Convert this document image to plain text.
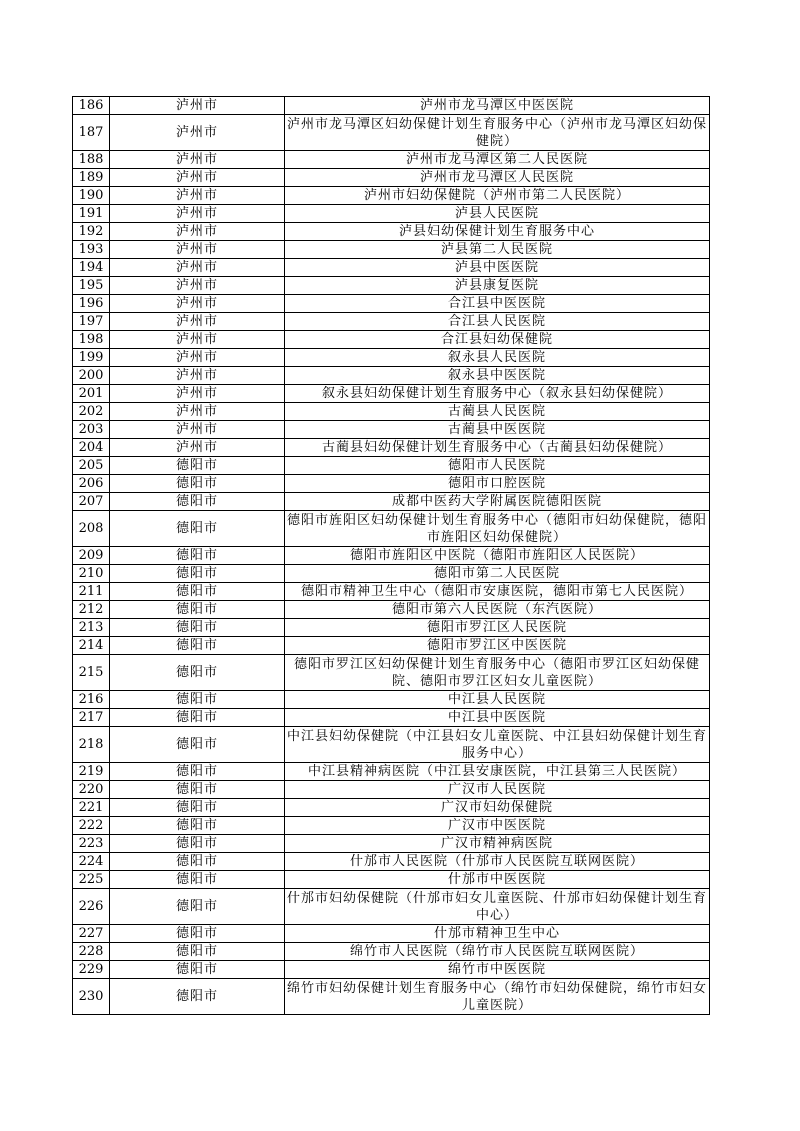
186	泸州市	泸州市龙马潭区中医医院
187	泸州市	泸州市龙马潭区妇幼保健计划生育服务中心（泸州市龙马潭区妇幼保健院）
188	泸州市	泸州市龙马潭区第二人民医院
189	泸州市	泸州市龙马潭区人民医院
190	泸州市	泸州市妇幼保健院（泸州市第二人民医院）
191	泸州市	泸县人民医院
192	泸州市	泸县妇幼保健计划生育服务中心
193	泸州市	泸县第二人民医院
194	泸州市	泸县中医医院
195	泸州市	泸县康复医院
196	泸州市	合江县中医医院
197	泸州市	合江县人民医院
198	泸州市	合江县妇幼保健院
199	泸州市	叙永县人民医院
200	泸州市	叙永县中医医院
201	泸州市	叙永县妇幼保健计划生育服务中心（叙永县妇幼保健院）
202	泸州市	古蔺县人民医院
203	泸州市	古蔺县中医医院
204	泸州市	古蔺县妇幼保健计划生育服务中心（古蔺县妇幼保健院）
205	德阳市	德阳市人民医院
206	德阳市	德阳市口腔医院
207	德阳市	成都中医药大学附属医院德阳医院
208	德阳市	德阳市旌阳区妇幼保健计划生育服务中心（德阳市妇幼保健院，德阳市旌阳区妇幼保健院）
209	德阳市	德阳市旌阳区中医院（德阳市旌阳区人民医院）
210	德阳市	德阳市第二人民医院
211	德阳市	德阳市精神卫生中心（德阳市安康医院，德阳市第七人民医院）
212	德阳市	德阳市第六人民医院（东汽医院）
213	德阳市	德阳市罗江区人民医院
214	德阳市	德阳市罗江区中医医院
215	德阳市	德阳市罗江区妇幼保健计划生育服务中心（德阳市罗江区妇幼保健院、德阳市罗江区妇女儿童医院）
216	德阳市	中江县人民医院
217	德阳市	中江县中医医院
218	德阳市	中江县妇幼保健院（中江县妇女儿童医院、中江县妇幼保健计划生育服务中心）
219	德阳市	中江县精神病医院（中江县安康医院，中江县第三人民医院）
220	德阳市	广汉市人民医院
221	德阳市	广汉市妇幼保健院
222	德阳市	广汉市中医医院
223	德阳市	广汉市精神病医院
224	德阳市	什邡市人民医院（什邡市人民医院互联网医院）
225	德阳市	什邡市中医医院
226	德阳市	什邡市妇幼保健院（什邡市妇女儿童医院、什邡市妇幼保健计划生育中心）
227	德阳市	什邡市精神卫生中心
228	德阳市	绵竹市人民医院（绵竹市人民医院互联网医院）
229	德阳市	绵竹市中医医院
230	德阳市	绵竹市妇幼保健计划生育服务中心（绵竹市妇幼保健院，绵竹市妇女儿童医院）
